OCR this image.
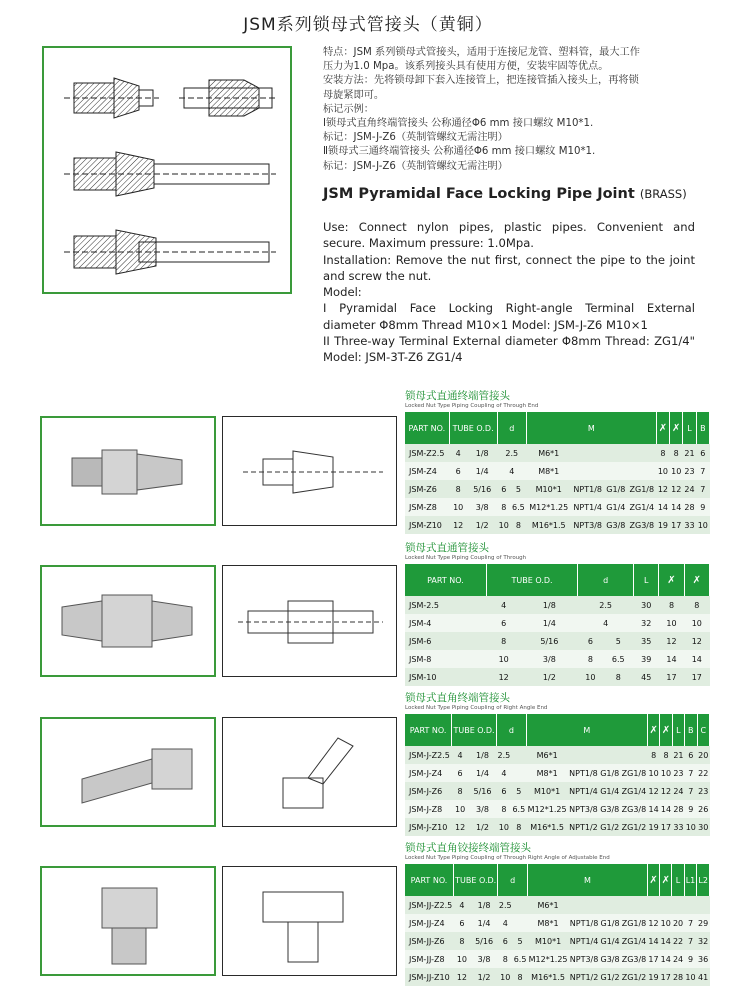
JSM系列锁母式管接头（黄铜）

特点：JSM 系列锁母式管接头，适用于连接尼龙管、塑料管，最大工作

压力为1.0 Mpa。该系列接头具有使用方便，安装牢固等优点。

安装方法：先将锁母卸下套入连接管上，把连接管插入接头上，再将锁

母旋紧即可。

标记示例：

Ⅰ锁母式直角终端管接头 公称通径Φ6 mm 接口螺纹 M10*1.

标记：JSM-J-Z6（英制管螺纹无需注明）

Ⅱ锁母式三通终端管接头 公称通径Φ6 mm 接口螺纹 M10*1.

标记：JSM-J-Z6（英制管螺纹无需注明）

JSM Pyramidal Face Locking Pipe Joint (BRASS)

Use: Connect nylon pipes, plastic pipes. Convenient and secure. Maximum pressure: 1.0Mpa.

Installation: Remove the nut first, connect the pipe to the joint and screw the nut.

Model:

I Pyramidal Face Locking Right-angle Terminal External diameter Φ8mm Thread M10×1 Model: JSM-J-Z6 M10×1

II Three-way Terminal External diameter Φ8mm Thread: ZG1/4" Model: JSM-3T-Z6 ZG1/4

锁母式直通终端管接头
Locked Nut Type Piping Coupling of Through End
PART NO.	TUBE O.D.		d		M				✗	✗	L	B
JSM-Z2.5	4	1/8	2.5		M6*1				8	8	21	6
JSM-Z4	6	1/4	4		M8*1				10	10	23	7
JSM-Z6	8	5/16	6	5	M10*1	NPT1/8	G1/8	ZG1/8	12	12	24	7
JSM-Z8	10	3/8	8	6.5	M12*1.25	NPT1/4	G1/4	ZG1/4	14	14	28	9
JSM-Z10	12	1/2	10	8	M16*1.5	NPT3/8	G3/8	ZG3/8	19	17	33	10
锁母式直通管接头
Locked Nut Type Piping Coupling of Through
PART NO.	TUBE O.D.		d		L	✗	✗
JSM-2.5	4	1/8	2.5		30	8	8
JSM-4	6	1/4	4		32	10	10
JSM-6	8	5/16	6	5	35	12	12
JSM-8	10	3/8	8	6.5	39	14	14
JSM-10	12	1/2	10	8	45	17	17
锁母式直角终端管接头
Locked Nut Type Piping Coupling of Right Angle End
PART NO.	TUBE O.D.		d		M				✗	✗	L	B	C
JSM-J-Z2.5	4	1/8	2.5		M6*1				8	8	21	6	20
JSM-J-Z4	6	1/4	4		M8*1	NPT1/8	G1/8	ZG1/8	10	10	23	7	22
JSM-J-Z6	8	5/16	6	5	M10*1	NPT1/4	G1/4	ZG1/4	12	12	24	7	23
JSM-J-Z8	10	3/8	8	6.5	M12*1.25	NPT3/8	G3/8	ZG3/8	14	14	28	9	26
JSM-J-Z10	12	1/2	10	8	M16*1.5	NPT1/2	G1/2	ZG1/2	19	17	33	10	30
锁母式直角铰接终端管接头
Locked Nut Type Piping Coupling of Through Right Angle of Adjustable End
PART NO.	TUBE O.D.		d		M				✗	✗	L	L1	L2
JSM-JJ-Z2.5	4	1/8	2.5		M6*1								
JSM-JJ-Z4	6	1/4	4		M8*1	NPT1/8	G1/8	ZG1/8	12	10	20	7	29
JSM-JJ-Z6	8	5/16	6	5	M10*1	NPT1/4	G1/4	ZG1/4	14	14	22	7	32
JSM-JJ-Z8	10	3/8	8	6.5	M12*1.25	NPT3/8	G3/8	ZG3/8	17	14	24	9	36
JSM-JJ-Z10	12	1/2	10	8	M16*1.5	NPT1/2	G1/2	ZG1/2	19	17	28	10	41
